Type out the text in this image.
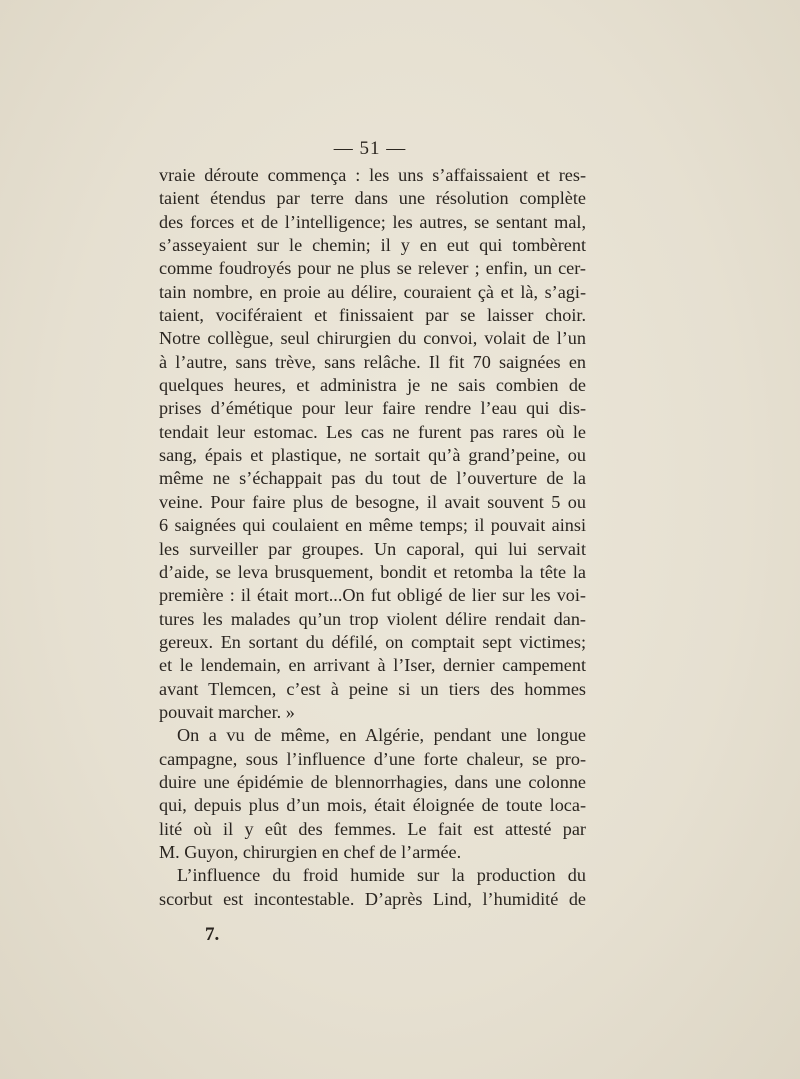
— 51 —
vraie déroute commença : les uns s’affaissaient et res-
taient étendus par terre dans une résolution complète
des forces et de l’intelligence; les autres, se sentant mal,
s’asseyaient sur le chemin; il y en eut qui tombèrent
comme foudroyés pour ne plus se relever ; enfin, un cer-
tain nombre, en proie au délire, couraient çà et là, s’agi-
taient, vociféraient et finissaient par se laisser choir.
Notre collègue, seul chirurgien du convoi, volait de l’un
à l’autre, sans trève, sans relâche. Il fit 70 saignées en
quelques heures, et administra je ne sais combien de
prises d’émétique pour leur faire rendre l’eau qui dis-
tendait leur estomac. Les cas ne furent pas rares où le
sang, épais et plastique, ne sortait qu’à grand’peine, ou
même ne s’échappait pas du tout de l’ouverture de la
veine. Pour faire plus de besogne, il avait souvent 5 ou
6 saignées qui coulaient en même temps; il pouvait ainsi
les surveiller par groupes. Un caporal, qui lui servait
d’aide, se leva brusquement, bondit et retomba la tête la
première : il était mort...On fut obligé de lier sur les voi-
tures les malades qu’un trop violent délire rendait dan-
gereux. En sortant du défilé, on comptait sept victimes;
et le lendemain, en arrivant à l’Iser, dernier campement
avant Tlemcen, c’est à peine si un tiers des hommes
pouvait marcher. »
On a vu de même, en Algérie, pendant une longue
campagne, sous l’influence d’une forte chaleur, se pro-
duire une épidémie de blennorrhagies, dans une colonne
qui, depuis plus d’un mois, était éloignée de toute loca-
lité où il y eût des femmes. Le fait est attesté par
M. Guyon, chirurgien en chef de l’armée.
L’influence du froid humide sur la production du
scorbut est incontestable. D’après Lind, l’humidité de
7.
